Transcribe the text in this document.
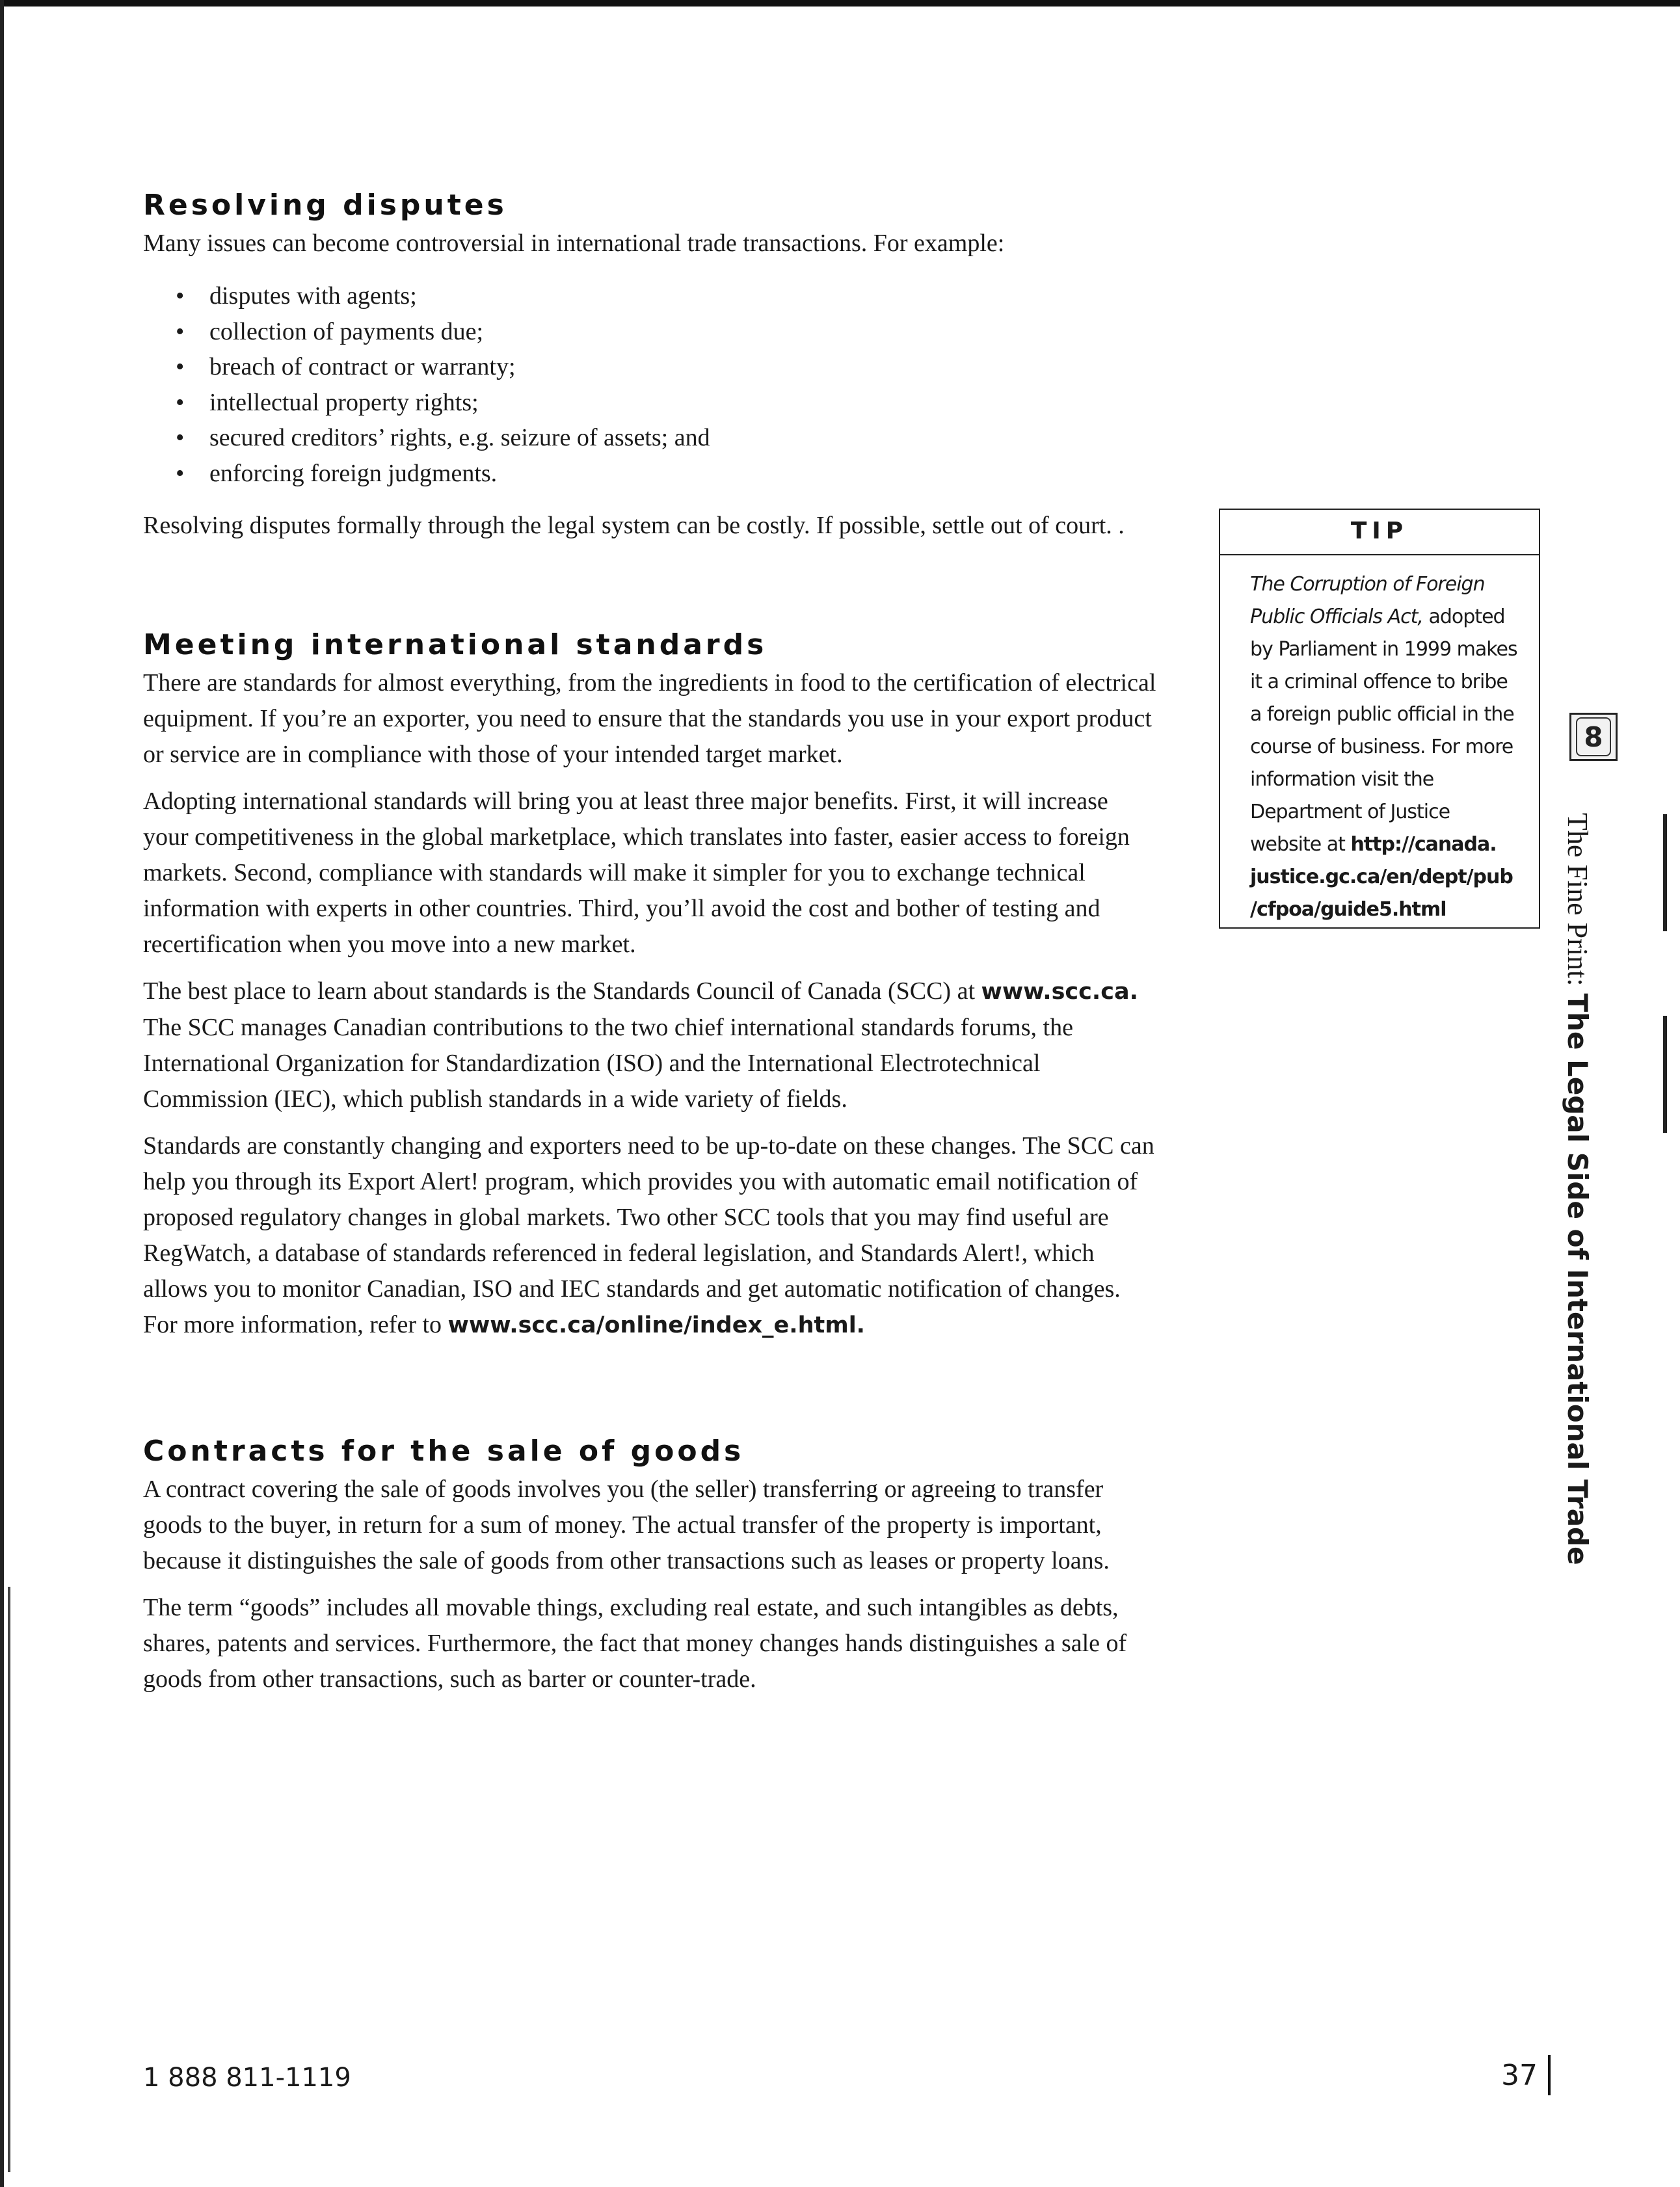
Resolving disputes

Many issues can become controversial in international trade transactions. For example:

• disputes with agents;
• collection of payments due;
• breach of contract or warranty;
• intellectual property rights;
• secured creditors’ rights, e.g. seizure of assets; and
• enforcing foreign judgments.

Resolving disputes formally through the legal system can be costly. If possible, settle out of court. .

Meeting international standards

There are standards for almost everything, from the ingredients in food to the certification of electrical equipment. If you’re an exporter, you need to ensure that the standards you use in your export product or service are in compliance with those of your intended target market.

Adopting international standards will bring you at least three major benefits. First, it will increase your competitiveness in the global marketplace, which translates into faster, easier access to foreign markets. Second, compliance with standards will make it simpler for you to exchange technical information with experts in other countries. Third, you’ll avoid the cost and bother of testing and recertification when you move into a new market.

The best place to learn about standards is the Standards Council of Canada (SCC) at www.scc.ca. The SCC manages Canadian contributions to the two chief international standards forums, the International Organization for Standardization (ISO) and the International Electrotechnical Commission (IEC), which publish standards in a wide variety of fields.

Standards are constantly changing and exporters need to be up-to-date on these changes. The SCC can help you through its Export Alert! program, which provides you with automatic email notification of proposed regulatory changes in global markets. Two other SCC tools that you may find useful are RegWatch, a database of standards referenced in federal legislation, and Standards Alert!, which allows you to monitor Canadian, ISO and IEC standards and get automatic notification of changes. For more information, refer to www.scc.ca/online/index_e.html.

Contracts for the sale of goods

A contract covering the sale of goods involves you (the seller) transferring or agreeing to transfer goods to the buyer, in return for a sum of money. The actual transfer of the property is important, because it distinguishes the sale of goods from other transactions such as leases or property loans.

The term “goods” includes all movable things, excluding real estate, and such intangibles as debts, shares, patents and services. Furthermore, the fact that money changes hands distinguishes a sale of goods from other transactions, such as barter or counter-trade.

TIP
The Corruption of Foreign Public Officials Act, adopted by Parliament in 1999 makes it a criminal offence to bribe a foreign public official in the course of business. For more information visit the Department of Justice website at http://canada. justice.gc.ca/en/dept/pub /cfpoa/guide5.html
8
The Fine Print: The Legal Side of International Trade
1 888 811-1119	37
